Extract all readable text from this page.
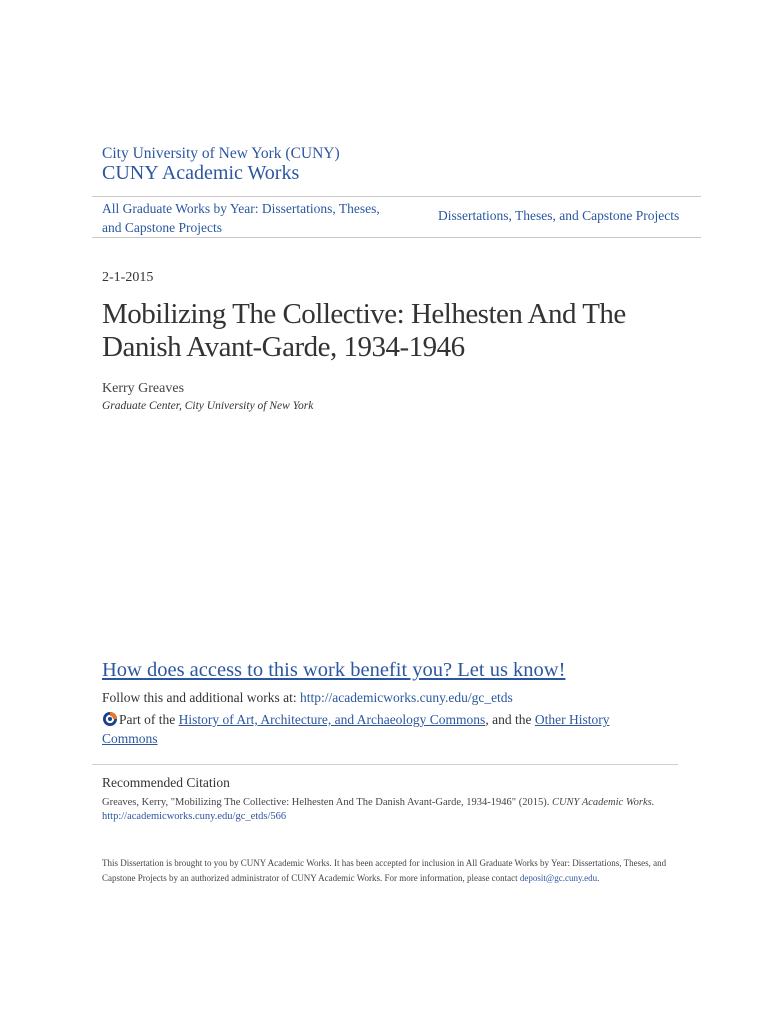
City University of New York (CUNY)
CUNY Academic Works
All Graduate Works by Year: Dissertations, Theses, and Capstone Projects
Dissertations, Theses, and Capstone Projects
2-1-2015
Mobilizing The Collective: Helhesten And The Danish Avant-Garde, 1934-1946
Kerry Greaves
Graduate Center, City University of New York
How does access to this work benefit you? Let us know!
Follow this and additional works at: http://academicworks.cuny.edu/gc_etds
Part of the History of Art, Architecture, and Archaeology Commons, and the Other History Commons
Recommended Citation
Greaves, Kerry, "Mobilizing The Collective: Helhesten And The Danish Avant-Garde, 1934-1946" (2015). CUNY Academic Works.
http://academicworks.cuny.edu/gc_etds/566
This Dissertation is brought to you by CUNY Academic Works. It has been accepted for inclusion in All Graduate Works by Year: Dissertations, Theses, and Capstone Projects by an authorized administrator of CUNY Academic Works. For more information, please contact deposit@gc.cuny.edu.
